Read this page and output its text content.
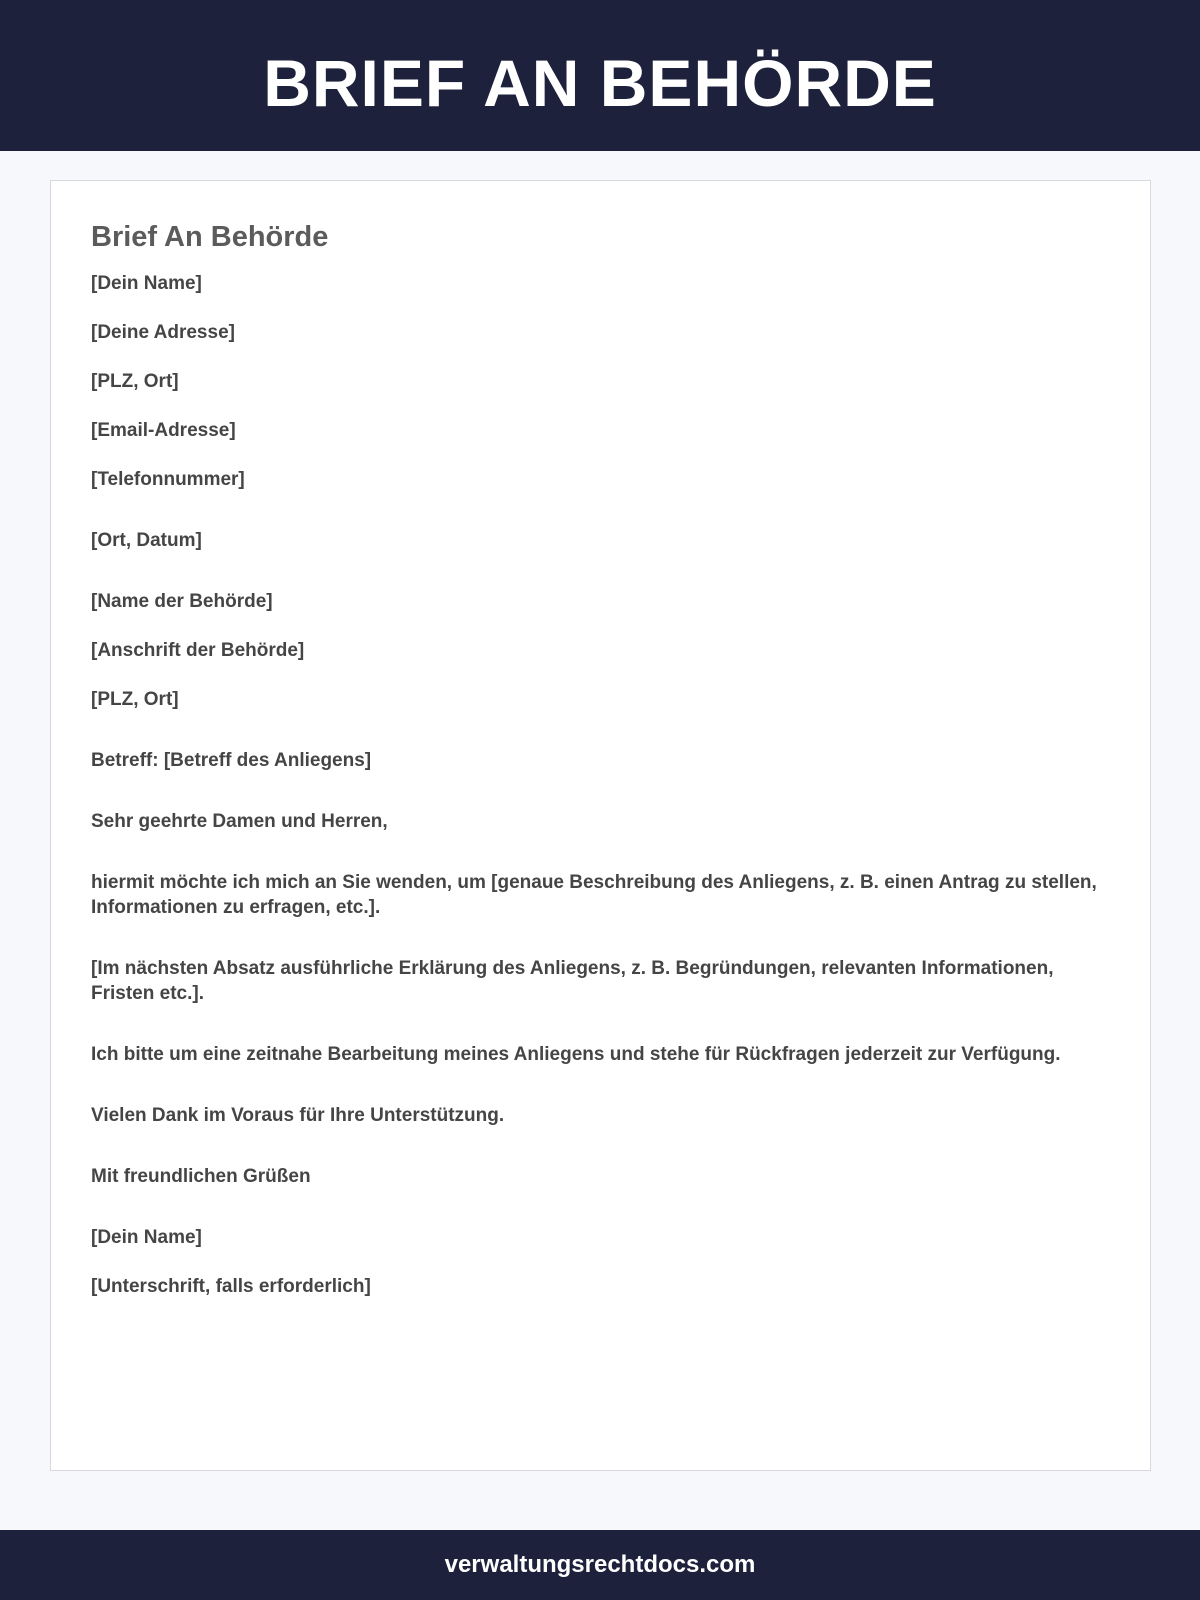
BRIEF AN BEHÖRDE
Brief An Behörde
[Dein Name]
[Deine Adresse]
[PLZ, Ort]
[Email-Adresse]
[Telefonnummer]
[Ort, Datum]
[Name der Behörde]
[Anschrift der Behörde]
[PLZ, Ort]
Betreff: [Betreff des Anliegens]
Sehr geehrte Damen und Herren,
hiermit möchte ich mich an Sie wenden, um [genaue Beschreibung des Anliegens, z. B. einen Antrag zu stellen, Informationen zu erfragen, etc.].
[Im nächsten Absatz ausführliche Erklärung des Anliegens, z. B. Begründungen, relevanten Informationen, Fristen etc.].
Ich bitte um eine zeitnahe Bearbeitung meines Anliegens und stehe für Rückfragen jederzeit zur Verfügung.
Vielen Dank im Voraus für Ihre Unterstützung.
Mit freundlichen Grüßen
[Dein Name]
[Unterschrift, falls erforderlich]
verwaltungsrechtdocs.com
